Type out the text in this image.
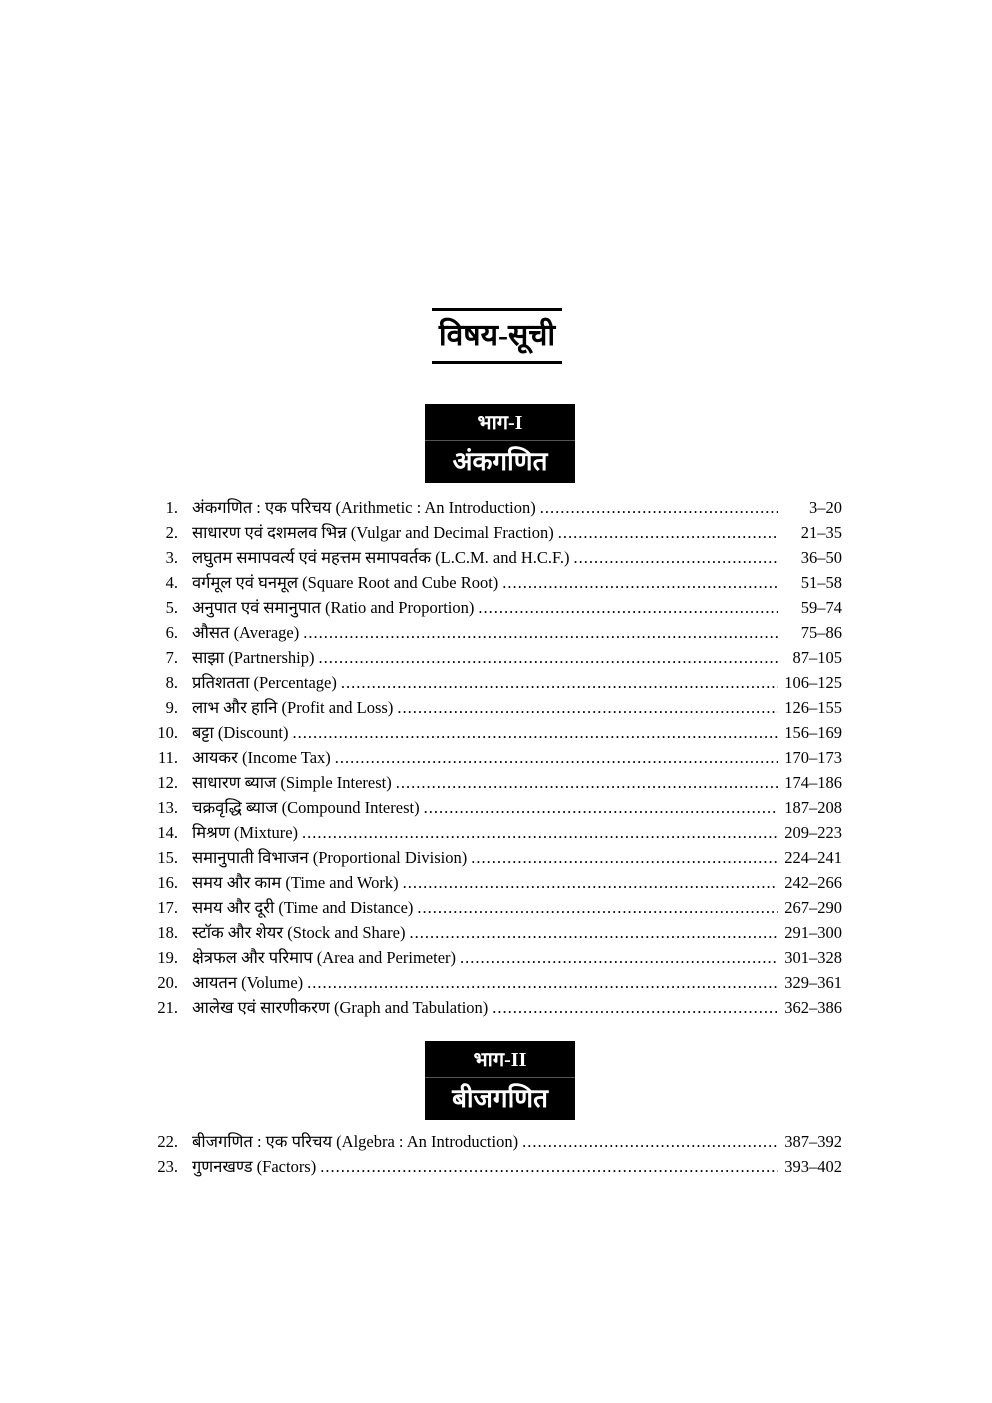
विषय-सूची
भाग-I
अंकगणित
1. अंकगणित : एक परिचय (Arithmetic : An Introduction) .....	3–20
2. साधारण एवं दशमलव भिन्न (Vulgar and Decimal Fraction) .....	21–35
3. लघुतम समापवर्त्य एवं महत्तम समापवर्तक (L.C.M. and H.C.F.) .....	36–50
4. वर्गमूल एवं घनमूल (Square Root and Cube Root) .....	51–58
5. अनुपात एवं समानुपात (Ratio and Proportion) .....	59–74
6. औसत (Average) .....	75–86
7. साझा (Partnership) .....	87–105
8. प्रतिशतता (Percentage) .....	106–125
9. लाभ और हानि (Profit and Loss) .....	126–155
10. बट्टा (Discount) .....	156–169
11. आयकर (Income Tax) .....	170–173
12. साधारण ब्याज (Simple Interest) .....	174–186
13. चक्रवृद्धि ब्याज (Compound Interest) .....	187–208
14. मिश्रण (Mixture) .....	209–223
15. समानुपाती विभाजन (Proportional Division) .....	224–241
16. समय और काम (Time and Work) .....	242–266
17. समय और दूरी (Time and Distance) .....	267–290
18. स्टॉक और शेयर (Stock and Share) .....	291–300
19. क्षेत्रफल और परिमाप (Area and Perimeter) .....	301–328
20. आयतन (Volume) .....	329–361
21. आलेख एवं सारणीकरण (Graph and Tabulation) .....	362–386
भाग-II
बीजगणित
22. बीजगणित : एक परिचय (Algebra : An Introduction) .....	387–392
23. गुणनखण्ड (Factors) .....	393–402
